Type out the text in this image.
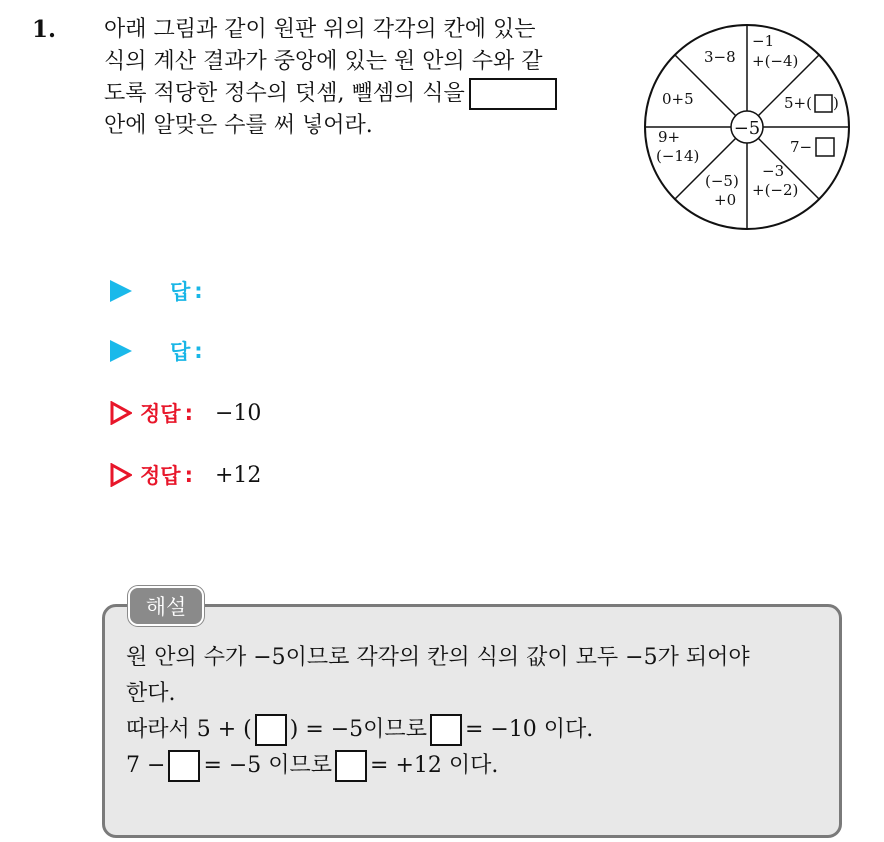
1. 아래 그림과 같이 원판 위의 각각의 칸에 있는
식의 계산 결과가 중앙에 있는 원 안의 수와 같
도록 적당한 정수의 덧셈, 뺄셈의 식을
안에 알맞은 수를 써 넣어라.	−5
3−8
−1
+(−4)
0+5	5+( )
9+
(−14)	7−
(−5)
+0
−3
+(−2)
답 :
답 :
정답 : −10
정답 : +12
해설
원 안의 수가 −5이므로 각각의 칸의 식의 값이 모두 −5가 되어야
한다.
따라서 5 + ( ) = −5이므로 = −10 이다.
7 − = −5 이므로 = +12 이다.
